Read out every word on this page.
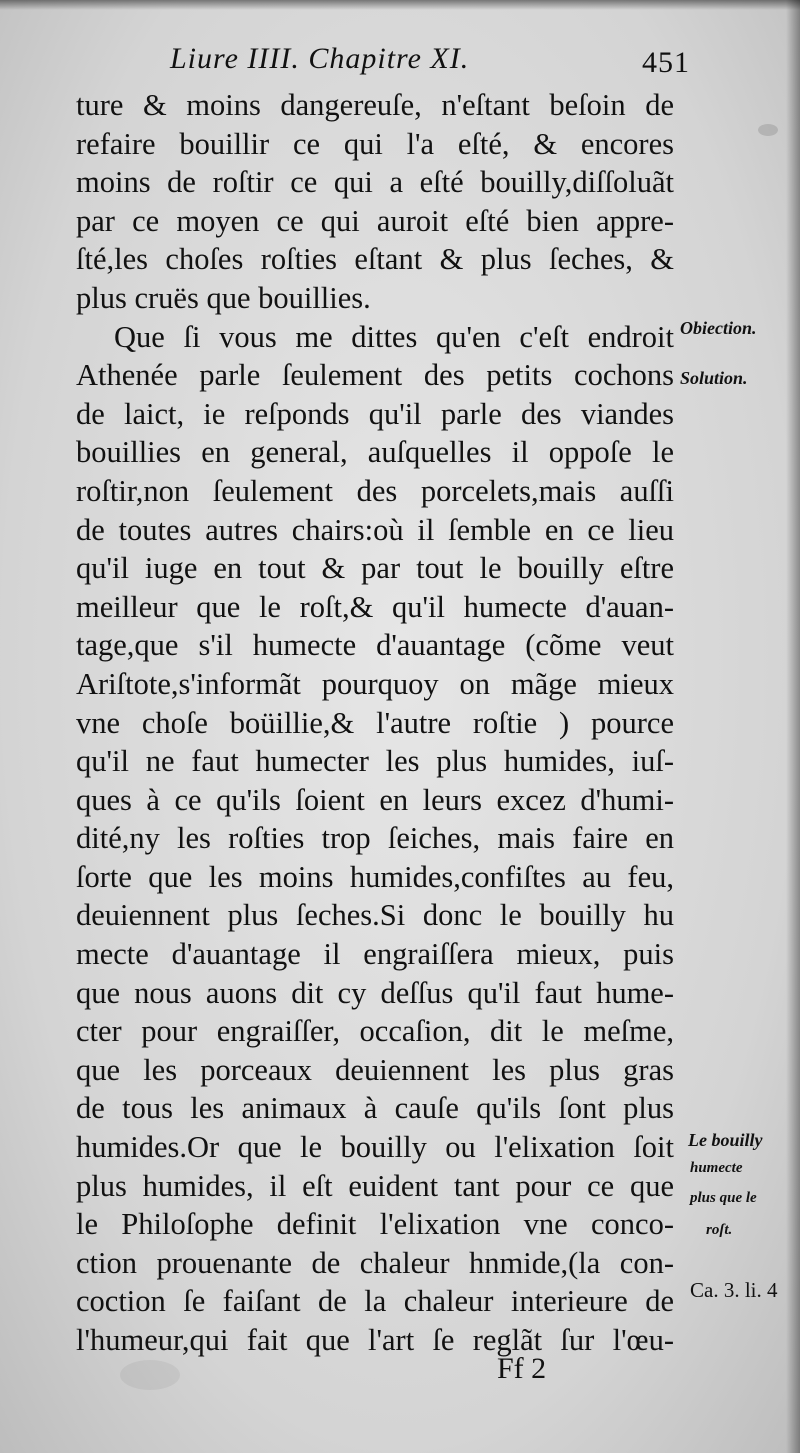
Liure IIII. Chapitre XI.	451
ture & moins dangereuſe, n'eſtant beſoin de
refaire bouillir ce qui l'a eſté, & encores
moins de roſtir ce qui a eſté bouilly,diſſoluãt
par ce moyen ce qui auroit eſté bien appre-
ſté,les choſes roſties eſtant & plus ſeches, &
plus cruës que bouillies.
Que ſi vous me dittes qu'en c'eſt endroit
Athenée parle ſeulement des petits cochons
de laict, ie reſponds qu'il parle des viandes
bouillies en general, auſquelles il oppoſe le
roſtir,non ſeulement des porcelets,mais auſſi
de toutes autres chairs:où il ſemble en ce lieu
qu'il iuge en tout & par tout le bouilly eſtre
meilleur que le roſt,& qu'il humecte d'auan-
tage,que s'il humecte d'auantage (cõme veut
Ariſtote,s'informãt pourquoy on mãge mieux
vne choſe boüillie,& l'autre roſtie ) pource
qu'il ne faut humecter les plus humides, iuſ-
ques à ce qu'ils ſoient en leurs excez d'humi-
dité,ny les roſties trop ſeiches, mais faire en
ſorte que les moins humides,confiſtes au feu,
deuiennent plus ſeches.Si donc le bouilly hu
mecte d'auantage il engraiſſera mieux, puis
que nous auons dit cy deſſus qu'il faut hume-
cter pour engraiſſer, occaſion, dit le meſme,
que les porceaux deuiennent les plus gras
de tous les animaux à cauſe qu'ils ſont plus
humides.Or que le bouilly ou l'elixation ſoit
plus humides, il eſt euident tant pour ce que
le Philoſophe definit l'elixation vne conco-
ction prouenante de chaleur hnmide,(la con-
coction ſe faiſant de la chaleur interieure de
l'humeur,qui fait que l'art ſe reglãt ſur l'œu-
Obiection.
Solution.
Le bouilly
humecte
plus que le
roſt.
Ca. 3. li. 4
Ff 2
